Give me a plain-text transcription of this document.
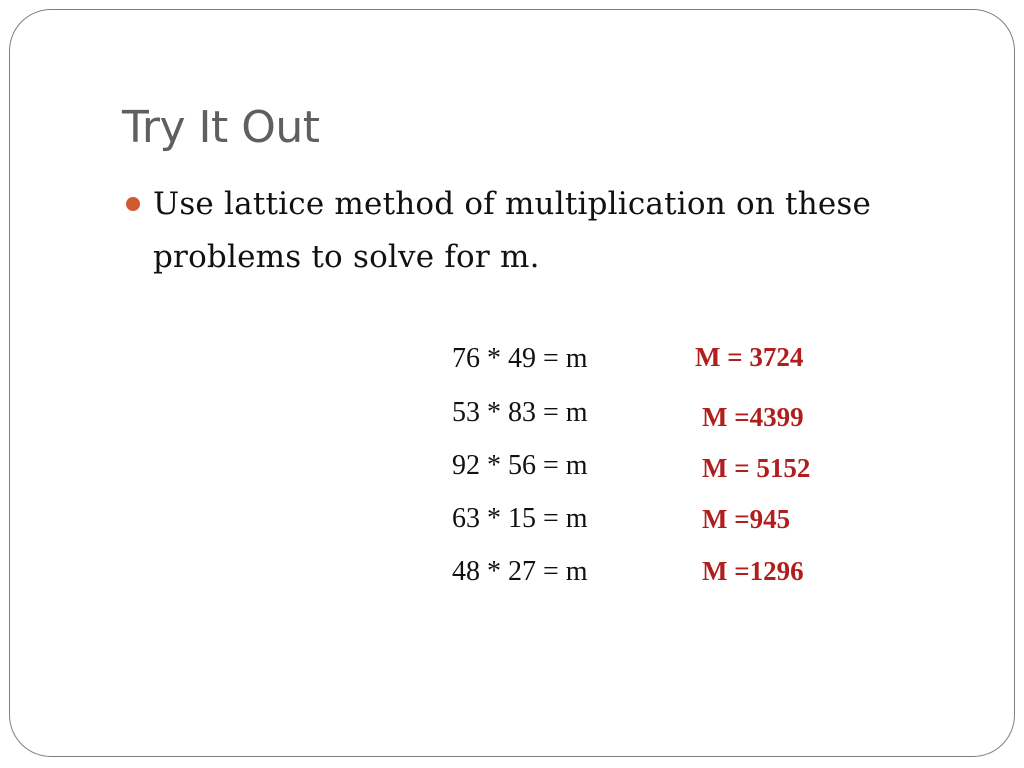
Try It Out

Use lattice method of multiplication on these problems to solve for m.

76 * 49 = m
53 * 83 = m
92 * 56 = m
63 * 15 = m
48 * 27 = m
M = 3724
M =4399
M = 5152
M =945
M =1296
